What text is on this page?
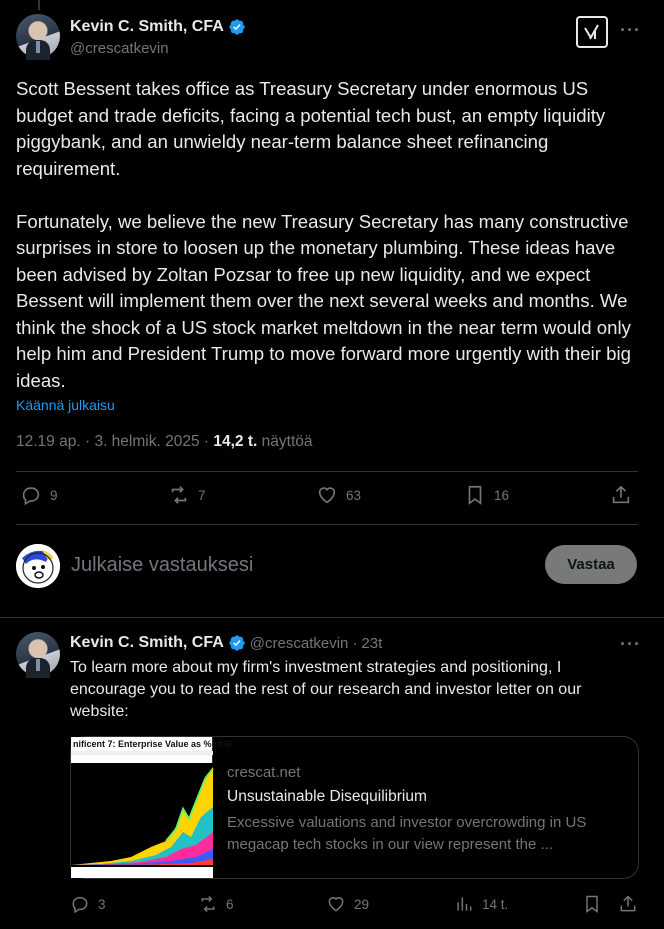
Kevin C. Smith, CFA
@crescatkevin
···
Scott Bessent takes office as Treasury Secretary under enormous US budget and trade deficits, facing a potential tech bust, an empty liquidity piggybank, and an unwieldy near-term balance sheet refinancing requirement.

Fortunately, we believe the new Treasury Secretary has many constructive surprises in store to loosen up the monetary plumbing. These ideas have been advised by Zoltan Pozsar to free up new liquidity, and we expect Bessent will implement them over the next several weeks and months. We think the shock of a US stock market meltdown in the near term would only help him and President Trump to move forward more urgently with their big ideas.
Käännä julkaisu
12.19 ap. · 3. helmik. 2025 · 14,2 t. näyttöä
9	7	63	16
Julkaise vastauksesi	Vastaa
Kevin C. Smith, CFA @crescatkevin · 23t	···
To learn more about my firm's investment strategies and positioning, I encourage you to read the rest of our research and investor letter on our website:
nificent 7: Enterprise Value as % of G
crescat.net
Unsustainable Disequilibrium
Excessive valuations and investor overcrowding in US megacap tech stocks in our view represent the ...
3	6	29	14 t.
